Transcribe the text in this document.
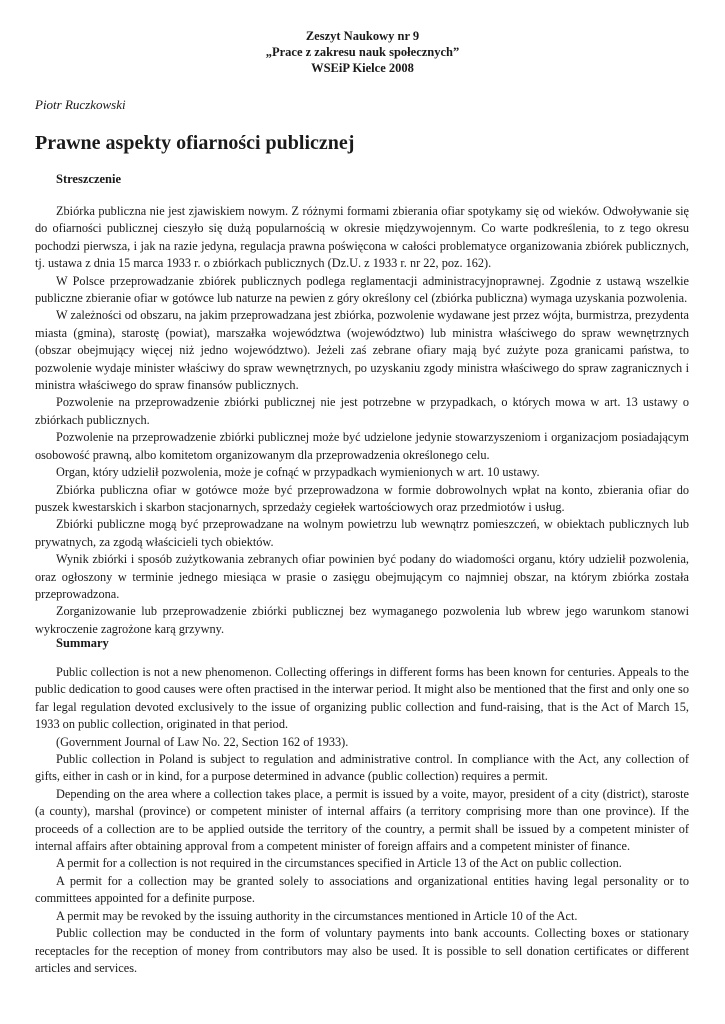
Zeszyt Naukowy nr 9
„Prace z zakresu nauk społecznych”
WSEiP Kielce 2008
Piotr Ruczkowski
Prawne aspekty ofiarności publicznej
Streszczenie

Zbiórka publiczna nie jest zjawiskiem nowym. Z różnymi formami zbierania ofiar spotykamy się od wieków. Odwoływanie się do ofiarności publicznej cieszyło się dużą popularnością w okresie międzywojennym. Co warte podkreślenia, to z tego okresu pochodzi pierwsza, i jak na razie jedyna, regulacja prawna poświęcona w całości problematyce organizowania zbiórek publicznych, tj. ustawa z dnia 15 marca 1933 r. o zbiórkach publicznych (Dz.U. z 1933 r. nr 22, poz. 162).

W Polsce przeprowadzanie zbiórek publicznych podlega reglamentacji administracyjnoprawnej. Zgodnie z ustawą wszelkie publiczne zbieranie ofiar w gotówce lub naturze na pewien z góry określony cel (zbiórka publiczna) wymaga uzyskania pozwolenia.

W zależności od obszaru, na jakim przeprowadzana jest zbiórka, pozwolenie wydawane jest przez wójta, burmistrza, prezydenta miasta (gmina), starostę (powiat), marszałka województwa (województwo) lub ministra właściwego do spraw wewnętrznych (obszar obejmujący więcej niż jedno województwo). Jeżeli zaś zebrane ofiary mają być zużyte poza granicami państwa, to pozwolenie wydaje minister właściwy do spraw wewnętrznych, po uzyskaniu zgody ministra właściwego do spraw zagranicznych i ministra właściwego do spraw finansów publicznych.

Pozwolenie na przeprowadzenie zbiórki publicznej nie jest potrzebne w przypadkach, o których mowa w art. 13 ustawy o zbiórkach publicznych.

Pozwolenie na przeprowadzenie zbiórki publicznej może być udzielone jedynie stowarzyszeniom i organizacjom posiadającym osobowość prawną, albo komitetom organizowanym dla przeprowadzenia określonego celu.

Organ, który udzielił pozwolenia, może je cofnąć w przypadkach wymienionych w art. 10 ustawy.

Zbiórka publiczna ofiar w gotówce może być przeprowadzona w formie dobrowolnych wpłat na konto, zbierania ofiar do puszek kwestarskich i skarbon stacjonarnych, sprzedaży cegiełek wartościowych oraz przedmiotów i usług.

Zbiórki publiczne mogą być przeprowadzane na wolnym powietrzu lub wewnątrz pomieszczeń, w obiektach publicznych lub prywatnych, za zgodą właścicieli tych obiektów.

Wynik zbiórki i sposób zużytkowania zebranych ofiar powinien być podany do wiadomości organu, który udzielił pozwolenia, oraz ogłoszony w terminie jednego miesiąca w prasie o zasięgu obejmującym co najmniej obszar, na którym zbiórka została przeprowadzona.

Zorganizowanie lub przeprowadzenie zbiórki publicznej bez wymaganego pozwolenia lub wbrew jego warunkom stanowi wykroczenie zagrożone karą grzywny.

Summary

Public collection is not a new phenomenon. Collecting offerings in different forms has been known for centuries. Appeals to the public dedication to good causes were often practised in the interwar period. It might also be mentioned that the first and only one so far legal regulation devoted exclusively to the issue of organizing public collection and fund-raising, that is the Act of March 15, 1933 on public collection, originated in that period.

(Government Journal of Law No. 22, Section 162 of 1933).

Public collection in Poland is subject to regulation and administrative control. In compliance with the Act, any collection of gifts, either in cash or in kind, for a purpose determined in advance (public collection) requires a permit.

Depending on the area where a collection takes place, a permit is issued by a voite, mayor, president of a city (district), staroste (a county), marshal (province) or competent minister of internal affairs (a territory comprising more than one province). If the proceeds of a collection are to be applied outside the territory of the country, a permit shall be issued by a competent minister of internal affairs after obtaining approval from a competent minister of foreign affairs and a competent minister of finance.

A permit for a collection is not required in the circumstances specified in Article 13 of the Act on public collection.

A permit for a collection may be granted solely to associations and organizational entities having legal personality or to committees appointed for a definite purpose.

A permit may be revoked by the issuing authority in the circumstances mentioned in Article 10 of the Act.

Public collection may be conducted in the form of voluntary payments into bank accounts. Collecting boxes or stationary receptacles for the reception of money from contributors may also be used. It is possible to sell donation certificates or different articles and services.
